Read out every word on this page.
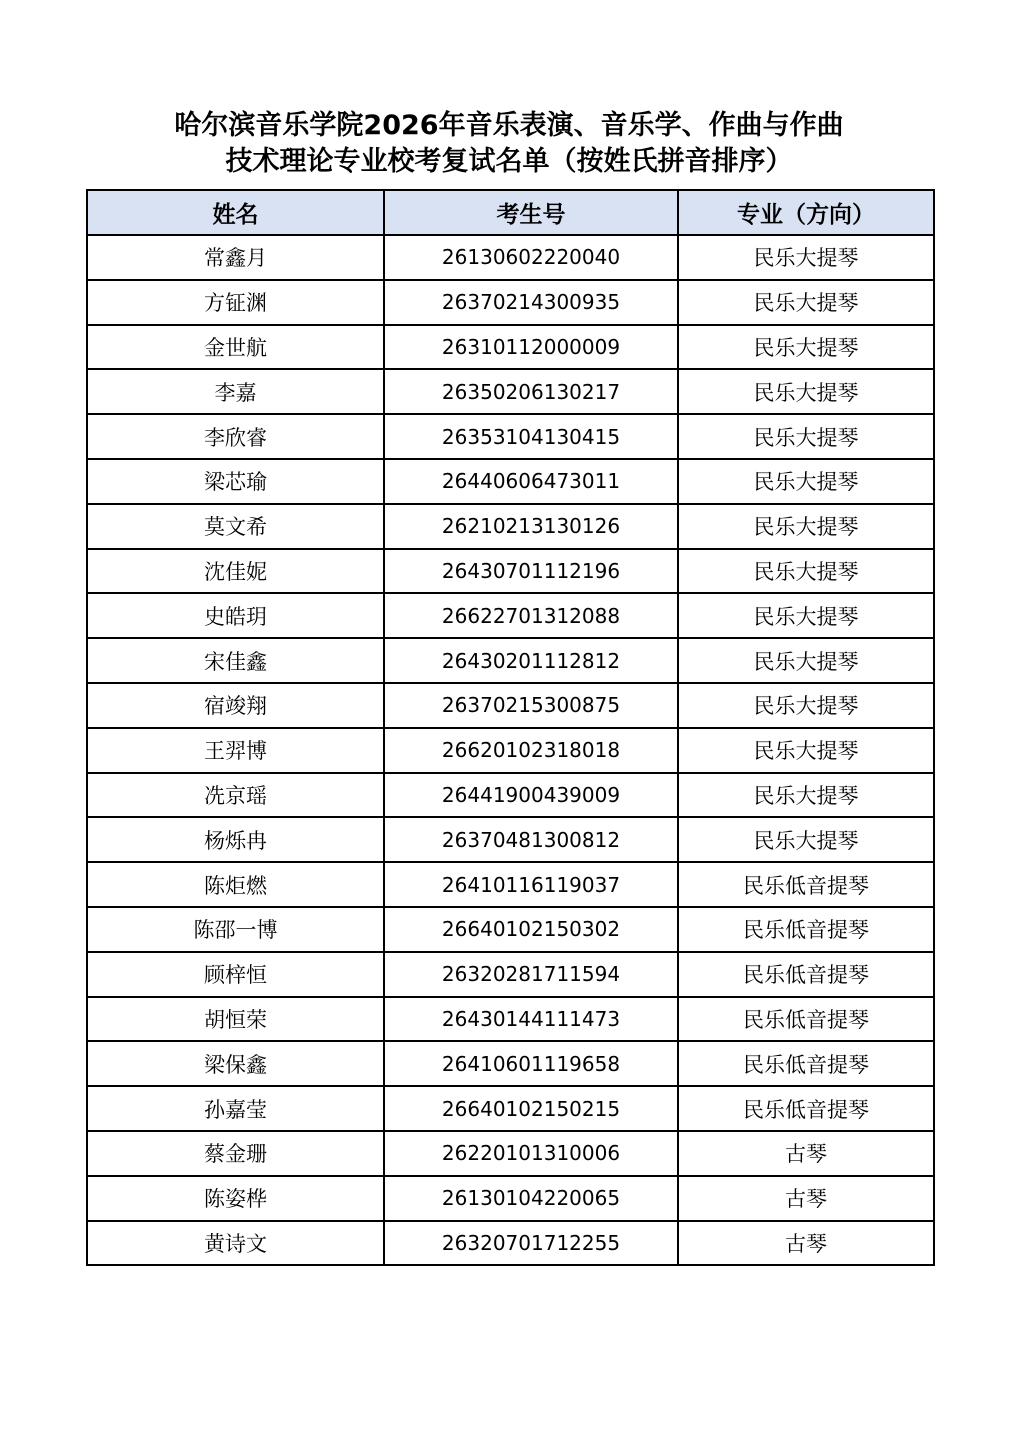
哈尔滨音乐学院2026年音乐表演、音乐学、作曲与作曲
技术理论专业校考复试名单（按姓氏拼音排序）
姓名	考生号	专业（方向）
常鑫月	26130602220040	民乐大提琴
方钲渊	26370214300935	民乐大提琴
金世航	26310112000009	民乐大提琴
李嘉	26350206130217	民乐大提琴
李欣睿	26353104130415	民乐大提琴
梁芯瑜	26440606473011	民乐大提琴
莫文希	26210213130126	民乐大提琴
沈佳妮	26430701112196	民乐大提琴
史皓玥	26622701312088	民乐大提琴
宋佳鑫	26430201112812	民乐大提琴
宿竣翔	26370215300875	民乐大提琴
王羿博	26620102318018	民乐大提琴
冼京瑶	26441900439009	民乐大提琴
杨烁冉	26370481300812	民乐大提琴
陈炬燃	26410116119037	民乐低音提琴
陈邵一博	26640102150302	民乐低音提琴
顾梓恒	26320281711594	民乐低音提琴
胡恒荣	26430144111473	民乐低音提琴
梁保鑫	26410601119658	民乐低音提琴
孙嘉莹	26640102150215	民乐低音提琴
蔡金珊	26220101310006	古琴
陈姿桦	26130104220065	古琴
黄诗文	26320701712255	古琴
